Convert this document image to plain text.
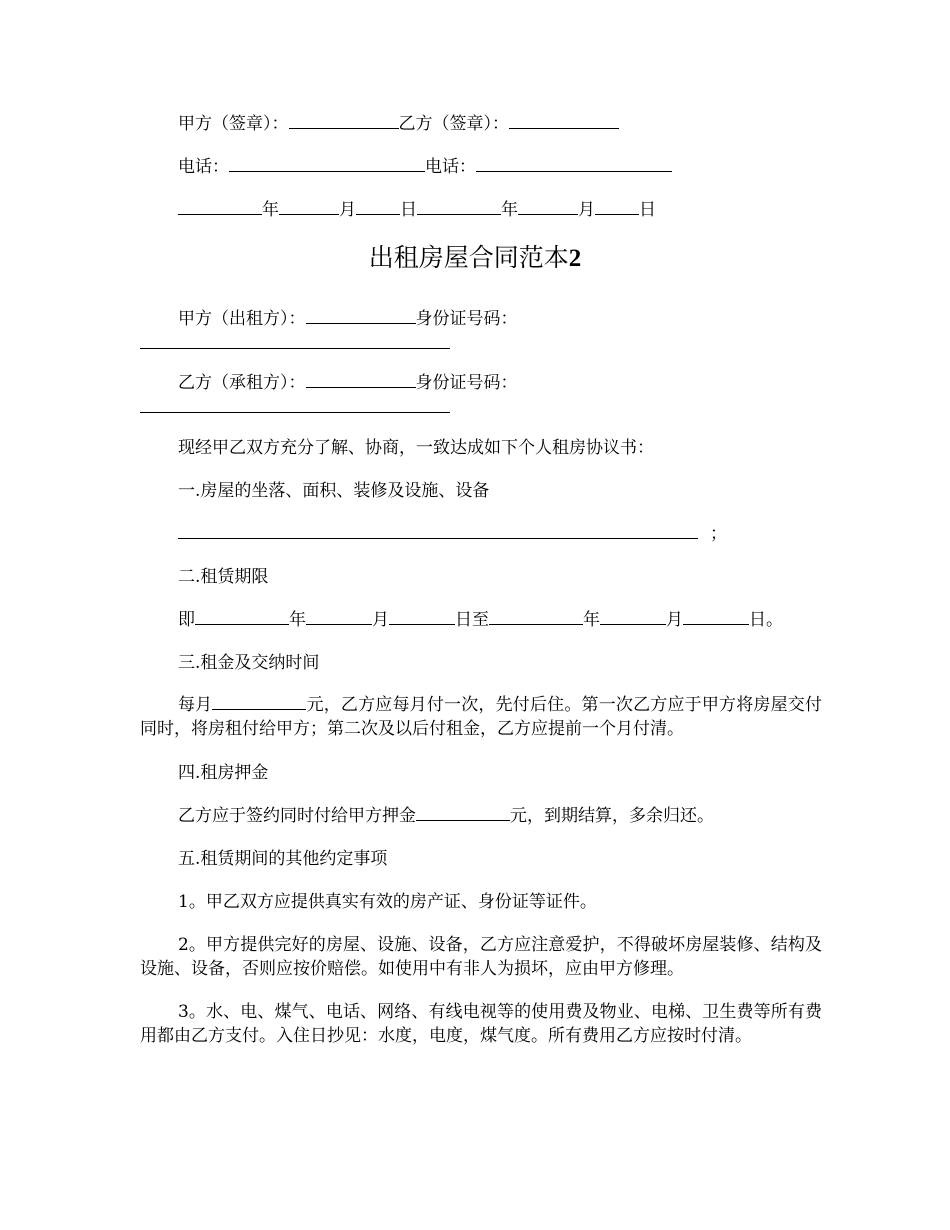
甲方（签章）：	乙方（签章）：
电话：	电话：
年	月	日	年	月	日
出租房屋合同范本2
甲方（出租方）：	身份证号码：
乙方（承租方）：	身份证号码：
现经甲乙双方充分了解、协商，一致达成如下个人租房协议书：
一.房屋的坐落、面积、装修及设施、设备
；
二.租赁期限
即	年	月	日至	年	月	日。
三.租金及交纳时间
每月	元，乙方应每月付一次，先付后住。第一次乙方应于甲方将房屋交付同时，将房租付给甲方；第二次及以后付租金，乙方应提前一个月付清。
四.租房押金
乙方应于签约同时付给甲方押金	元，到期结算，多余归还。
五.租赁期间的其他约定事项
1。甲乙双方应提供真实有效的房产证、身份证等证件。
2。甲方提供完好的房屋、设施、设备，乙方应注意爱护，不得破坏房屋装修、结构及设施、设备，否则应按价赔偿。如使用中有非人为损坏，应由甲方修理。
3。水、电、煤气、电话、网络、有线电视等的使用费及物业、电梯、卫生费等所有费用都由乙方支付。入住日抄见：水度，电度，煤气度。所有费用乙方应按时付清。
